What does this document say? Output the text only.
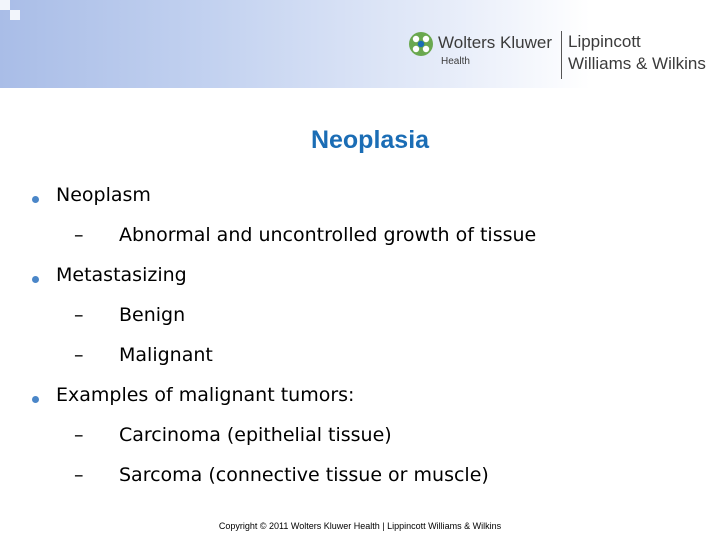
Wolters Kluwer
Health
Lippincott
Williams & Wilkins
Neoplasia
Neoplasm
– Abnormal and uncontrolled growth of tissue
Metastasizing
– Benign
– Malignant
Examples of malignant tumors:
– Carcinoma (epithelial tissue)
– Sarcoma (connective tissue or muscle)
Copyright © 2011 Wolters Kluwer Health | Lippincott Williams & Wilkins
